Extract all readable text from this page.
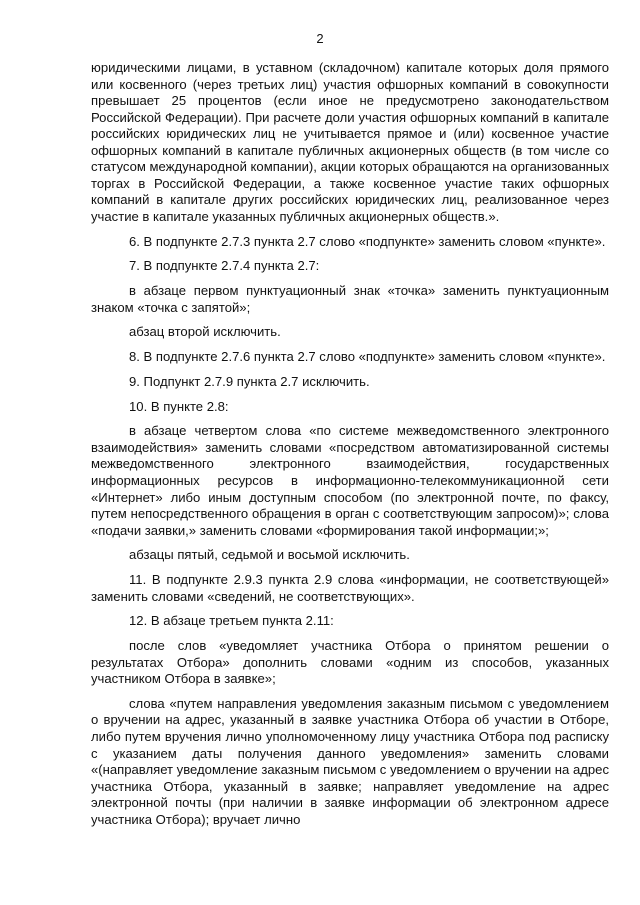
2

юридическими лицами, в уставном (складочном) капитале которых доля прямого или косвенного (через третьих лиц) участия офшорных компаний в совокупности превышает 25 процентов (если иное не предусмотрено законодательством Российской Федерации). При расчете доли участия офшорных компаний в капитале российских юридических лиц не учитывается прямое и (или) косвенное участие офшорных компаний в капитале публичных акционерных обществ (в том числе со статусом международной компании), акции которых обращаются на организованных торгах в Российской Федерации, а также косвенное участие таких офшорных компаний в капитале других российских юридических лиц, реализованное через участие в капитале указанных публичных акционерных обществ.».

6. В подпункте 2.7.3 пункта 2.7 слово «подпункте» заменить словом «пункте».

7. В подпункте 2.7.4 пункта 2.7:

в абзаце первом пунктуационный знак «точка» заменить пунктуационным знаком «точка с запятой»;

абзац второй исключить.

8. В подпункте 2.7.6 пункта 2.7 слово «подпункте» заменить словом «пункте».

9. Подпункт 2.7.9 пункта 2.7 исключить.

10. В пункте 2.8:

в абзаце четвертом слова «по системе межведомственного электронного взаимодействия» заменить словами «посредством автоматизированной системы межведомственного электронного взаимодействия, государственных информационных ресурсов в информационно-телекоммуникационной сети «Интернет» либо иным доступным способом (по электронной почте, по факсу, путем непосредственного обращения в орган с соответствующим запросом)»; слова «подачи заявки,» заменить словами «формирования такой информации;»;

абзацы пятый, седьмой и восьмой исключить.

11. В подпункте 2.9.3 пункта 2.9 слова «информации, не соответствующей» заменить словами «сведений, не соответствующих».

12. В абзаце третьем пункта 2.11:

после слов «уведомляет участника Отбора о принятом решении о результатах Отбора» дополнить словами «одним из способов, указанных участником Отбора в заявке»;

слова «путем направления уведомления заказным письмом с уведомлением о вручении на адрес, указанный в заявке участника Отбора об участии в Отборе, либо путем вручения лично уполномоченному лицу участника Отбора под расписку с указанием даты получения данного уведомления» заменить словами «(направляет уведомление заказным письмом с уведомлением о вручении на адрес участника Отбора, указанный в заявке; направляет уведомление на адрес электронной почты (при наличии в заявке информации об электронном адресе участника Отбора); вручает лично
